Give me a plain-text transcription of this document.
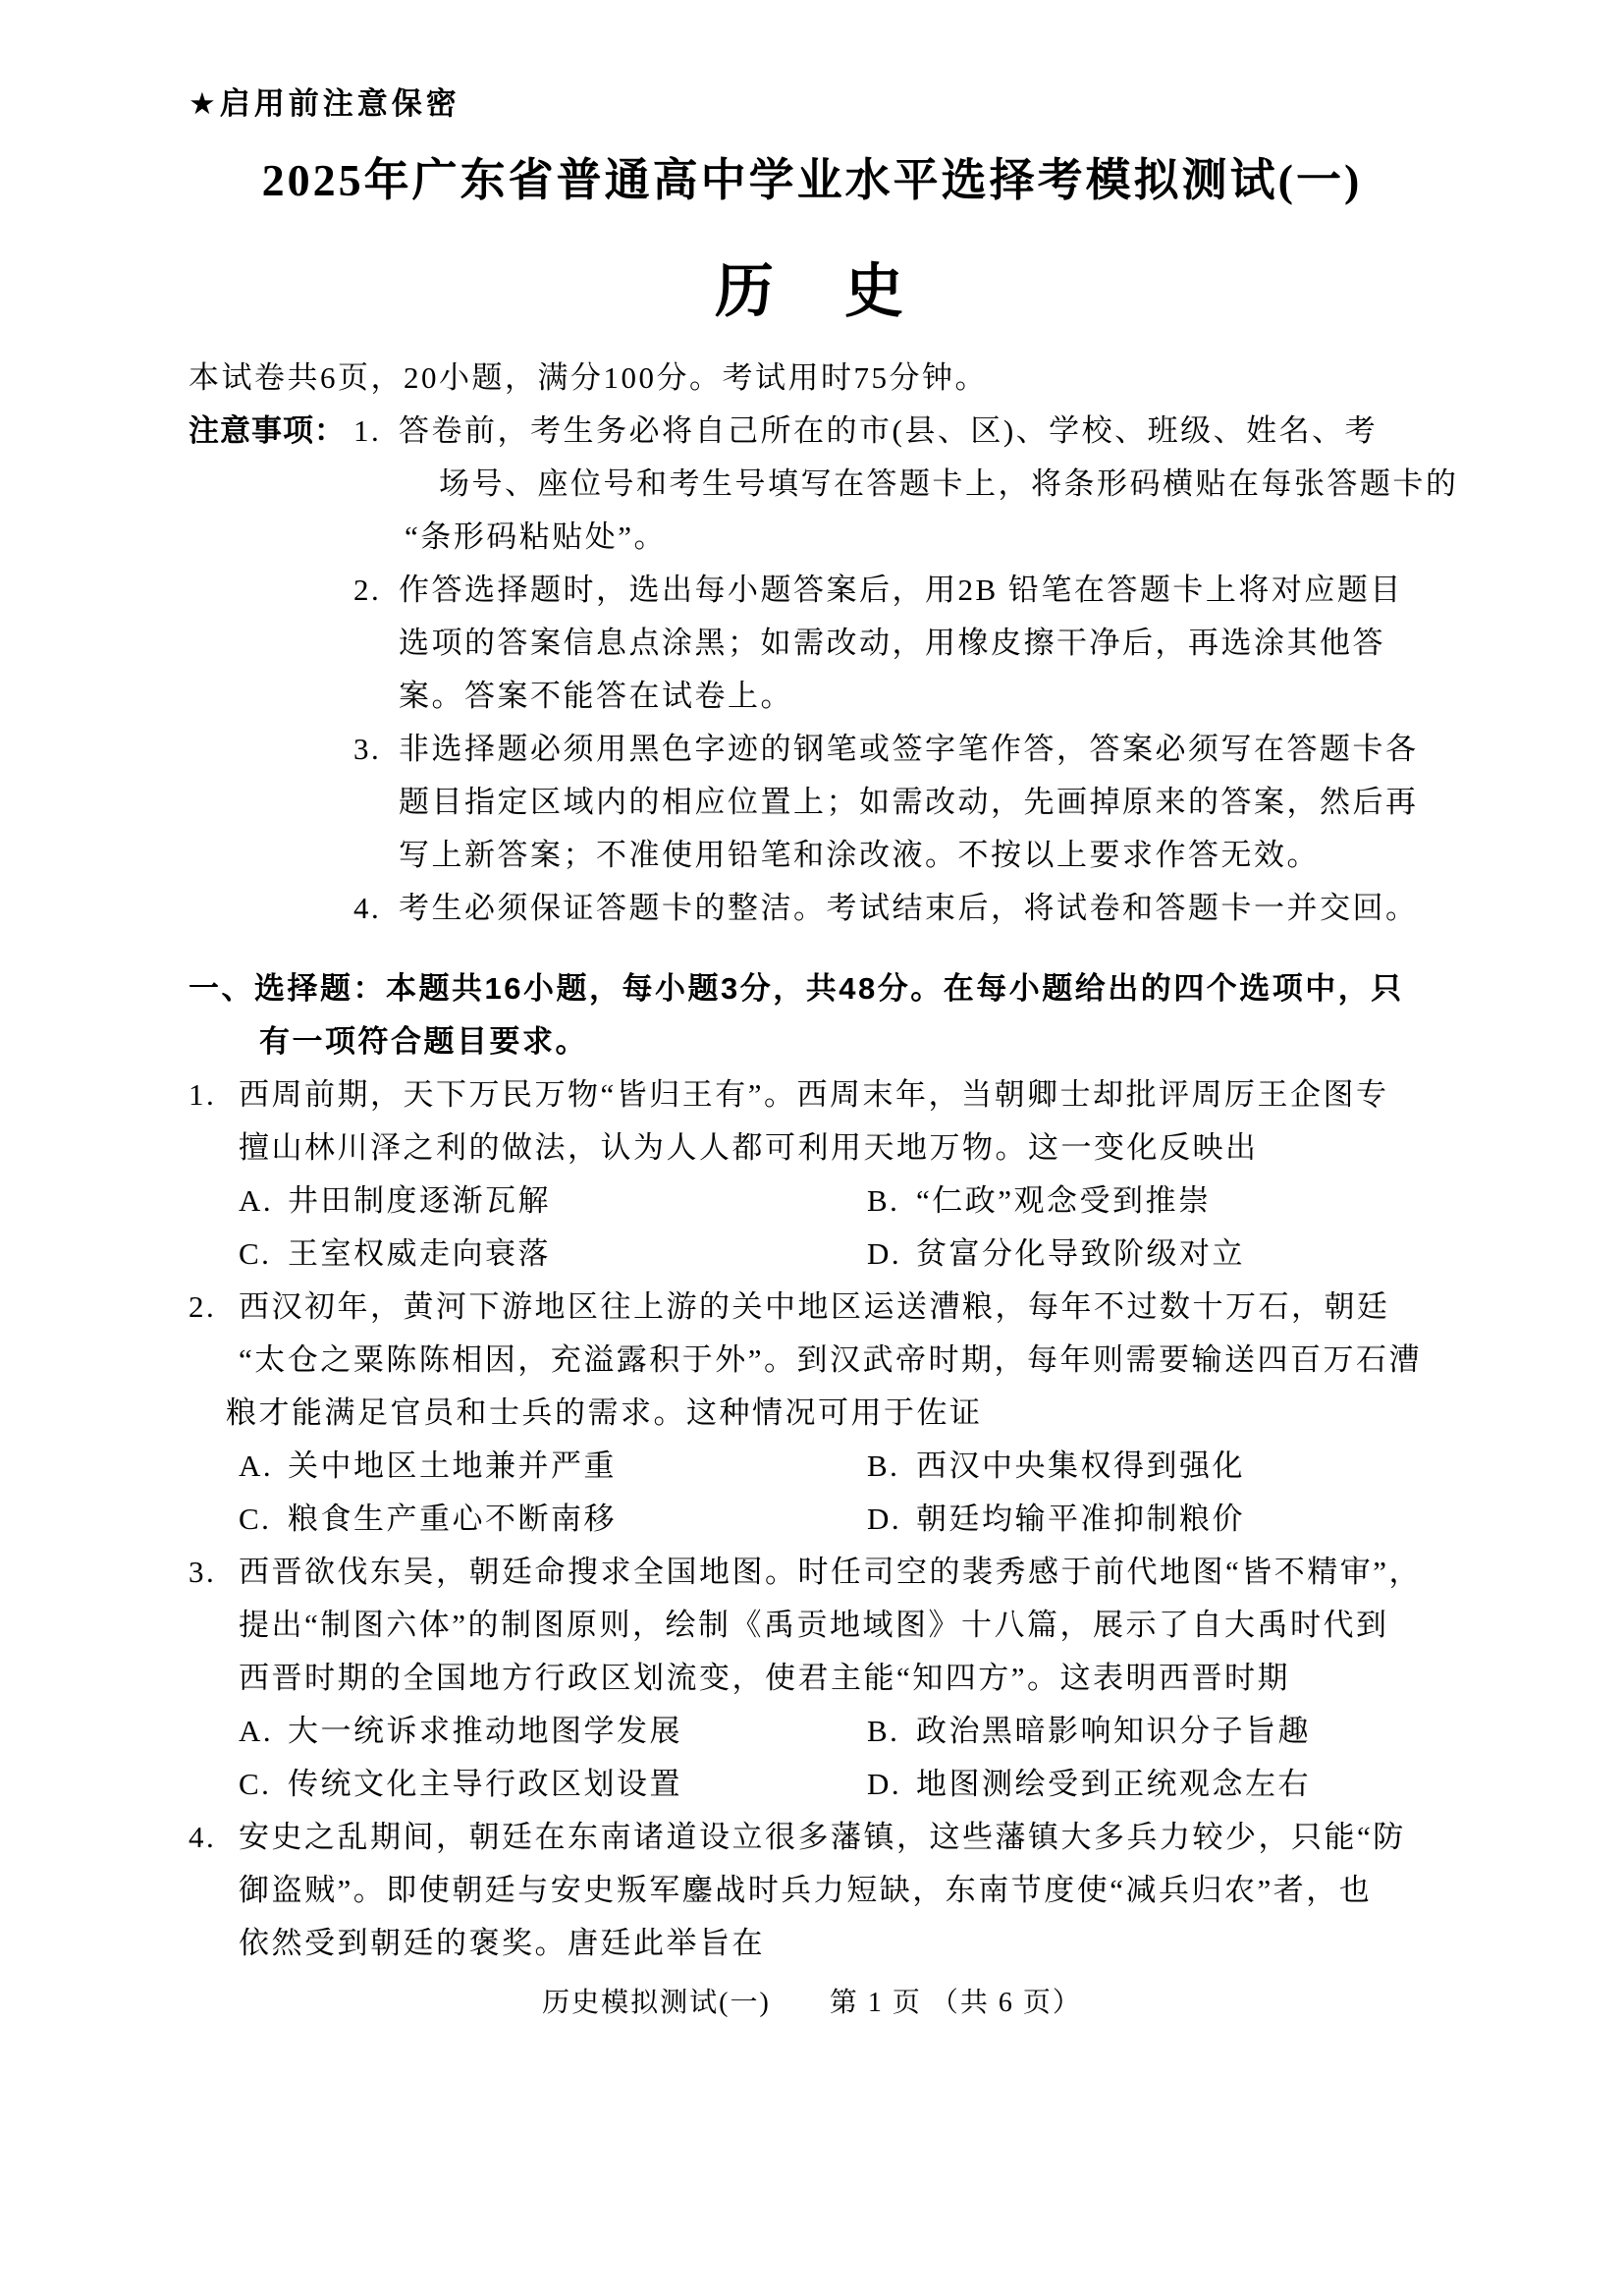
★启用前注意保密
2025年广东省普通高中学业水平选择考模拟测试(一)
历　史
本试卷共6页，20小题，满分100分。考试用时75分钟。
注意事项： 1. 答卷前，考生务必将自己所在的市(县、区)、学校、班级、姓名、考
场号、座位号和考生号填写在答题卡上，将条形码横贴在每张答题卡的
“条形码粘贴处”。
2. 作答选择题时，选出每小题答案后，用2B 铅笔在答题卡上将对应题目
选项的答案信息点涂黑；如需改动，用橡皮擦干净后，再选涂其他答
案。答案不能答在试卷上。
3. 非选择题必须用黑色字迹的钢笔或签字笔作答，答案必须写在答题卡各
题目指定区域内的相应位置上；如需改动，先画掉原来的答案，然后再
写上新答案；不准使用铅笔和涂改液。不按以上要求作答无效。
4. 考生必须保证答题卡的整洁。考试结束后，将试卷和答题卡一并交回。
一、选择题：本题共16小题，每小题3分，共48分。在每小题给出的四个选项中，只
有一项符合题目要求。
1. 西周前期，天下万民万物“皆归王有”。西周末年，当朝卿士却批评周厉王企图专
擅山林川泽之利的做法，认为人人都可利用天地万物。这一变化反映出
A. 井田制度逐渐瓦解	B. “仁政”观念受到推崇
C. 王室权威走向衰落	D. 贫富分化导致阶级对立
2. 西汉初年，黄河下游地区往上游的关中地区运送漕粮，每年不过数十万石，朝廷
“太仓之粟陈陈相因，充溢露积于外”。到汉武帝时期，每年则需要输送四百万石漕
粮才能满足官员和士兵的需求。这种情况可用于佐证
A. 关中地区土地兼并严重	B. 西汉中央集权得到强化
C. 粮食生产重心不断南移	D. 朝廷均输平准抑制粮价
3. 西晋欲伐东吴，朝廷命搜求全国地图。时任司空的裴秀感于前代地图“皆不精审”，
提出“制图六体”的制图原则，绘制《禹贡地域图》十八篇，展示了自大禹时代到
西晋时期的全国地方行政区划流变，使君主能“知四方”。这表明西晋时期
A. 大一统诉求推动地图学发展	B. 政治黑暗影响知识分子旨趣
C. 传统文化主导行政区划设置	D. 地图测绘受到正统观念左右
4. 安史之乱期间，朝廷在东南诸道设立很多藩镇，这些藩镇大多兵力较少，只能“防
御盗贼”。即使朝廷与安史叛军鏖战时兵力短缺，东南节度使“减兵归农”者，也
依然受到朝廷的褒奖。唐廷此举旨在
历史模拟测试(一)　　第 1 页 （共 6 页）
